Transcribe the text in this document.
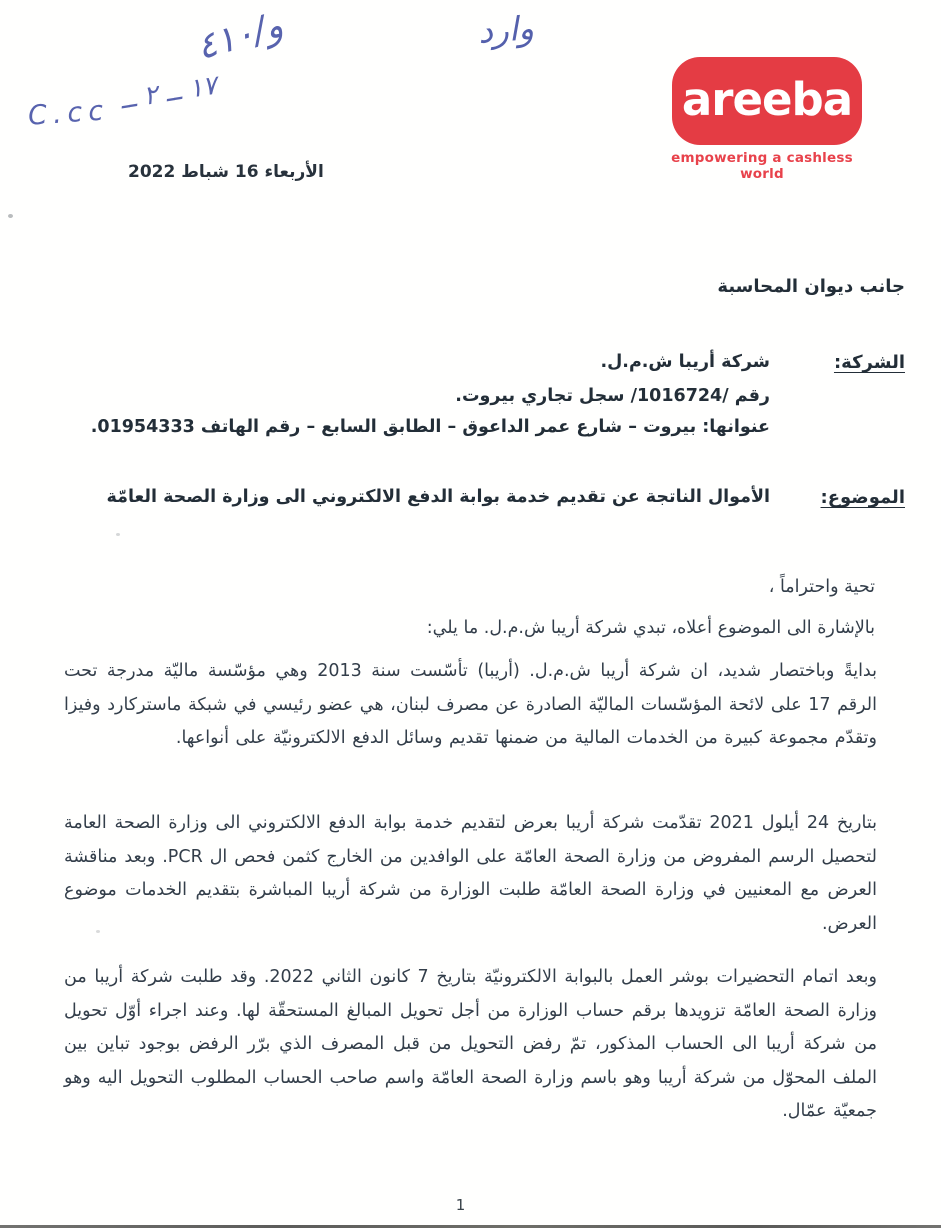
وارد
و/٤١٠
١٧ ــ ٢ ــ
C.cc	areeba
empowering a cashless world
الأربعاء 16 شباط 2022
جانب ديوان المحاسبة
الشركة:
شركة أريبا ش.م.ل.
رقم /1016724/ سجل تجاري بيروت.
عنوانها: بيروت – شارع عمر الداعوق – الطابق السابع – رقم الهاتف 01954333.
الموضوع:
الأموال الناتجة عن تقديم خدمة بوابة الدفع الالكتروني الى وزارة الصحة العامّة
تحية واحتراماً ،
بالإشارة الى الموضوع أعلاه، تبدي شركة أريبا ش.م.ل. ما يلي:

بدايةً وباختصار شديد، ان شركة أريبا ش.م.ل. (أريبا) تأسّست سنة 2013 وهي مؤسّسة ماليّة مدرجة تحت الرقم 17 على لائحة المؤسّسات الماليّة الصادرة عن مصرف لبنان، هي عضو رئيسي في شبكة ماستركارد وفيزا وتقدّم مجموعة كبيرة من الخدمات المالية من ضمنها تقديم وسائل الدفع الالكترونيّة على أنواعها.

بتاريخ 24 أيلول 2021 تقدّمت شركة أريبا بعرض لتقديم خدمة بوابة الدفع الالكتروني الى وزارة الصحة العامة لتحصيل الرسم المفروض من وزارة الصحة العامّة على الوافدين من الخارج كثمن فحص ال PCR. وبعد مناقشة العرض مع المعنيين في وزارة الصحة العامّة طلبت الوزارة من شركة أريبا المباشرة بتقديم الخدمات موضوع العرض.

وبعد اتمام التحضيرات بوشر العمل بالبوابة الالكترونيّة بتاريخ 7 كانون الثاني 2022. وقد طلبت شركة أريبا من وزارة الصحة العامّة تزويدها برقم حساب الوزارة من أجل تحويل المبالغ المستحقّة لها. وعند اجراء أوّل تحويل من شركة أريبا الى الحساب المذكور، تمّ رفض التحويل من قبل المصرف الذي برّر الرفض بوجود تباين بين الملف المحوّل من شركة أريبا وهو باسم وزارة الصحة العامّة واسم صاحب الحساب المطلوب التحويل اليه وهو جمعيّة عمّال.

1
